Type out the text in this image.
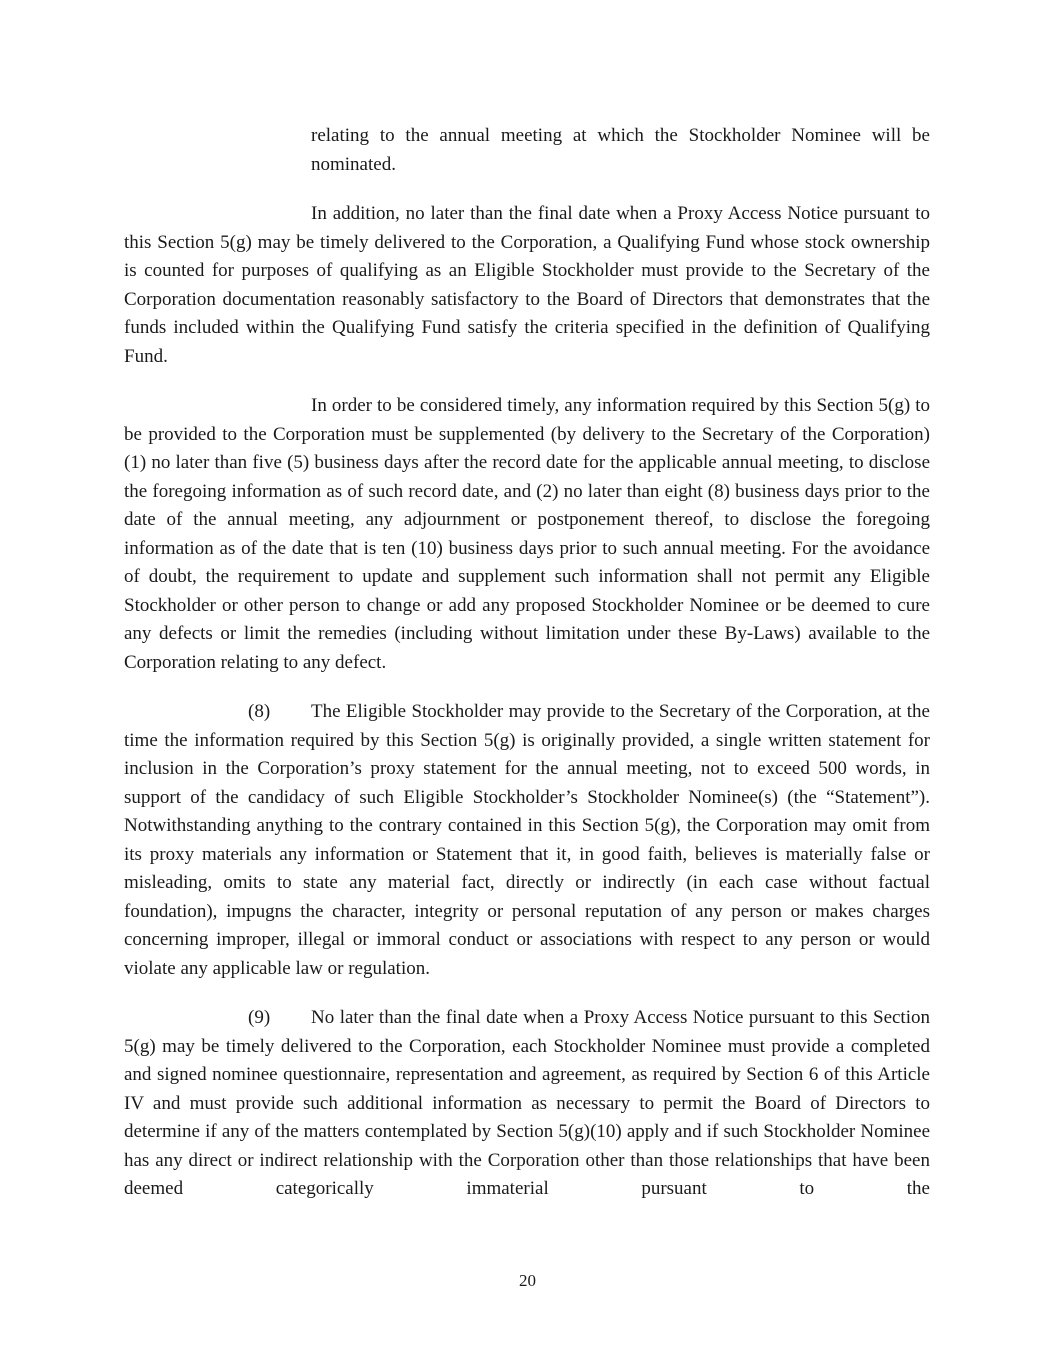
relating to the annual meeting at which the Stockholder Nominee will be nominated.

In addition, no later than the final date when a Proxy Access Notice pursuant to this Section 5(g) may be timely delivered to the Corporation, a Qualifying Fund whose stock ownership is counted for purposes of qualifying as an Eligible Stockholder must provide to the Secretary of the Corporation documentation reasonably satisfactory to the Board of Directors that demonstrates that the funds included within the Qualifying Fund satisfy the criteria specified in the definition of Qualifying Fund.

In order to be considered timely, any information required by this Section 5(g) to be provided to the Corporation must be supplemented (by delivery to the Secretary of the Corporation) (1) no later than five (5) business days after the record date for the applicable annual meeting, to disclose the foregoing information as of such record date, and (2) no later than eight (8) business days prior to the date of the annual meeting, any adjournment or postponement thereof, to disclose the foregoing information as of the date that is ten (10) business days prior to such annual meeting. For the avoidance of doubt, the requirement to update and supplement such information shall not permit any Eligible Stockholder or other person to change or add any proposed Stockholder Nominee or be deemed to cure any defects or limit the remedies (including without limitation under these By-Laws) available to the Corporation relating to any defect.

(8) The Eligible Stockholder may provide to the Secretary of the Corporation, at the time the information required by this Section 5(g) is originally provided, a single written statement for inclusion in the Corporation’s proxy statement for the annual meeting, not to exceed 500 words, in support of the candidacy of such Eligible Stockholder’s Stockholder Nominee(s) (the “Statement”). Notwithstanding anything to the contrary contained in this Section 5(g), the Corporation may omit from its proxy materials any information or Statement that it, in good faith, believes is materially false or misleading, omits to state any material fact, directly or indirectly (in each case without factual foundation), impugns the character, integrity or personal reputation of any person or makes charges concerning improper, illegal or immoral conduct or associations with respect to any person or would violate any applicable law or regulation.

(9) No later than the final date when a Proxy Access Notice pursuant to this Section 5(g) may be timely delivered to the Corporation, each Stockholder Nominee must provide a completed and signed nominee questionnaire, representation and agreement, as required by Section 6 of this Article IV and must provide such additional information as necessary to permit the Board of Directors to determine if any of the matters contemplated by Section 5(g)(10) apply and if such Stockholder Nominee has any direct or indirect relationship with the Corporation other than those relationships that have been deemed categorically immaterial pursuant to the

20
